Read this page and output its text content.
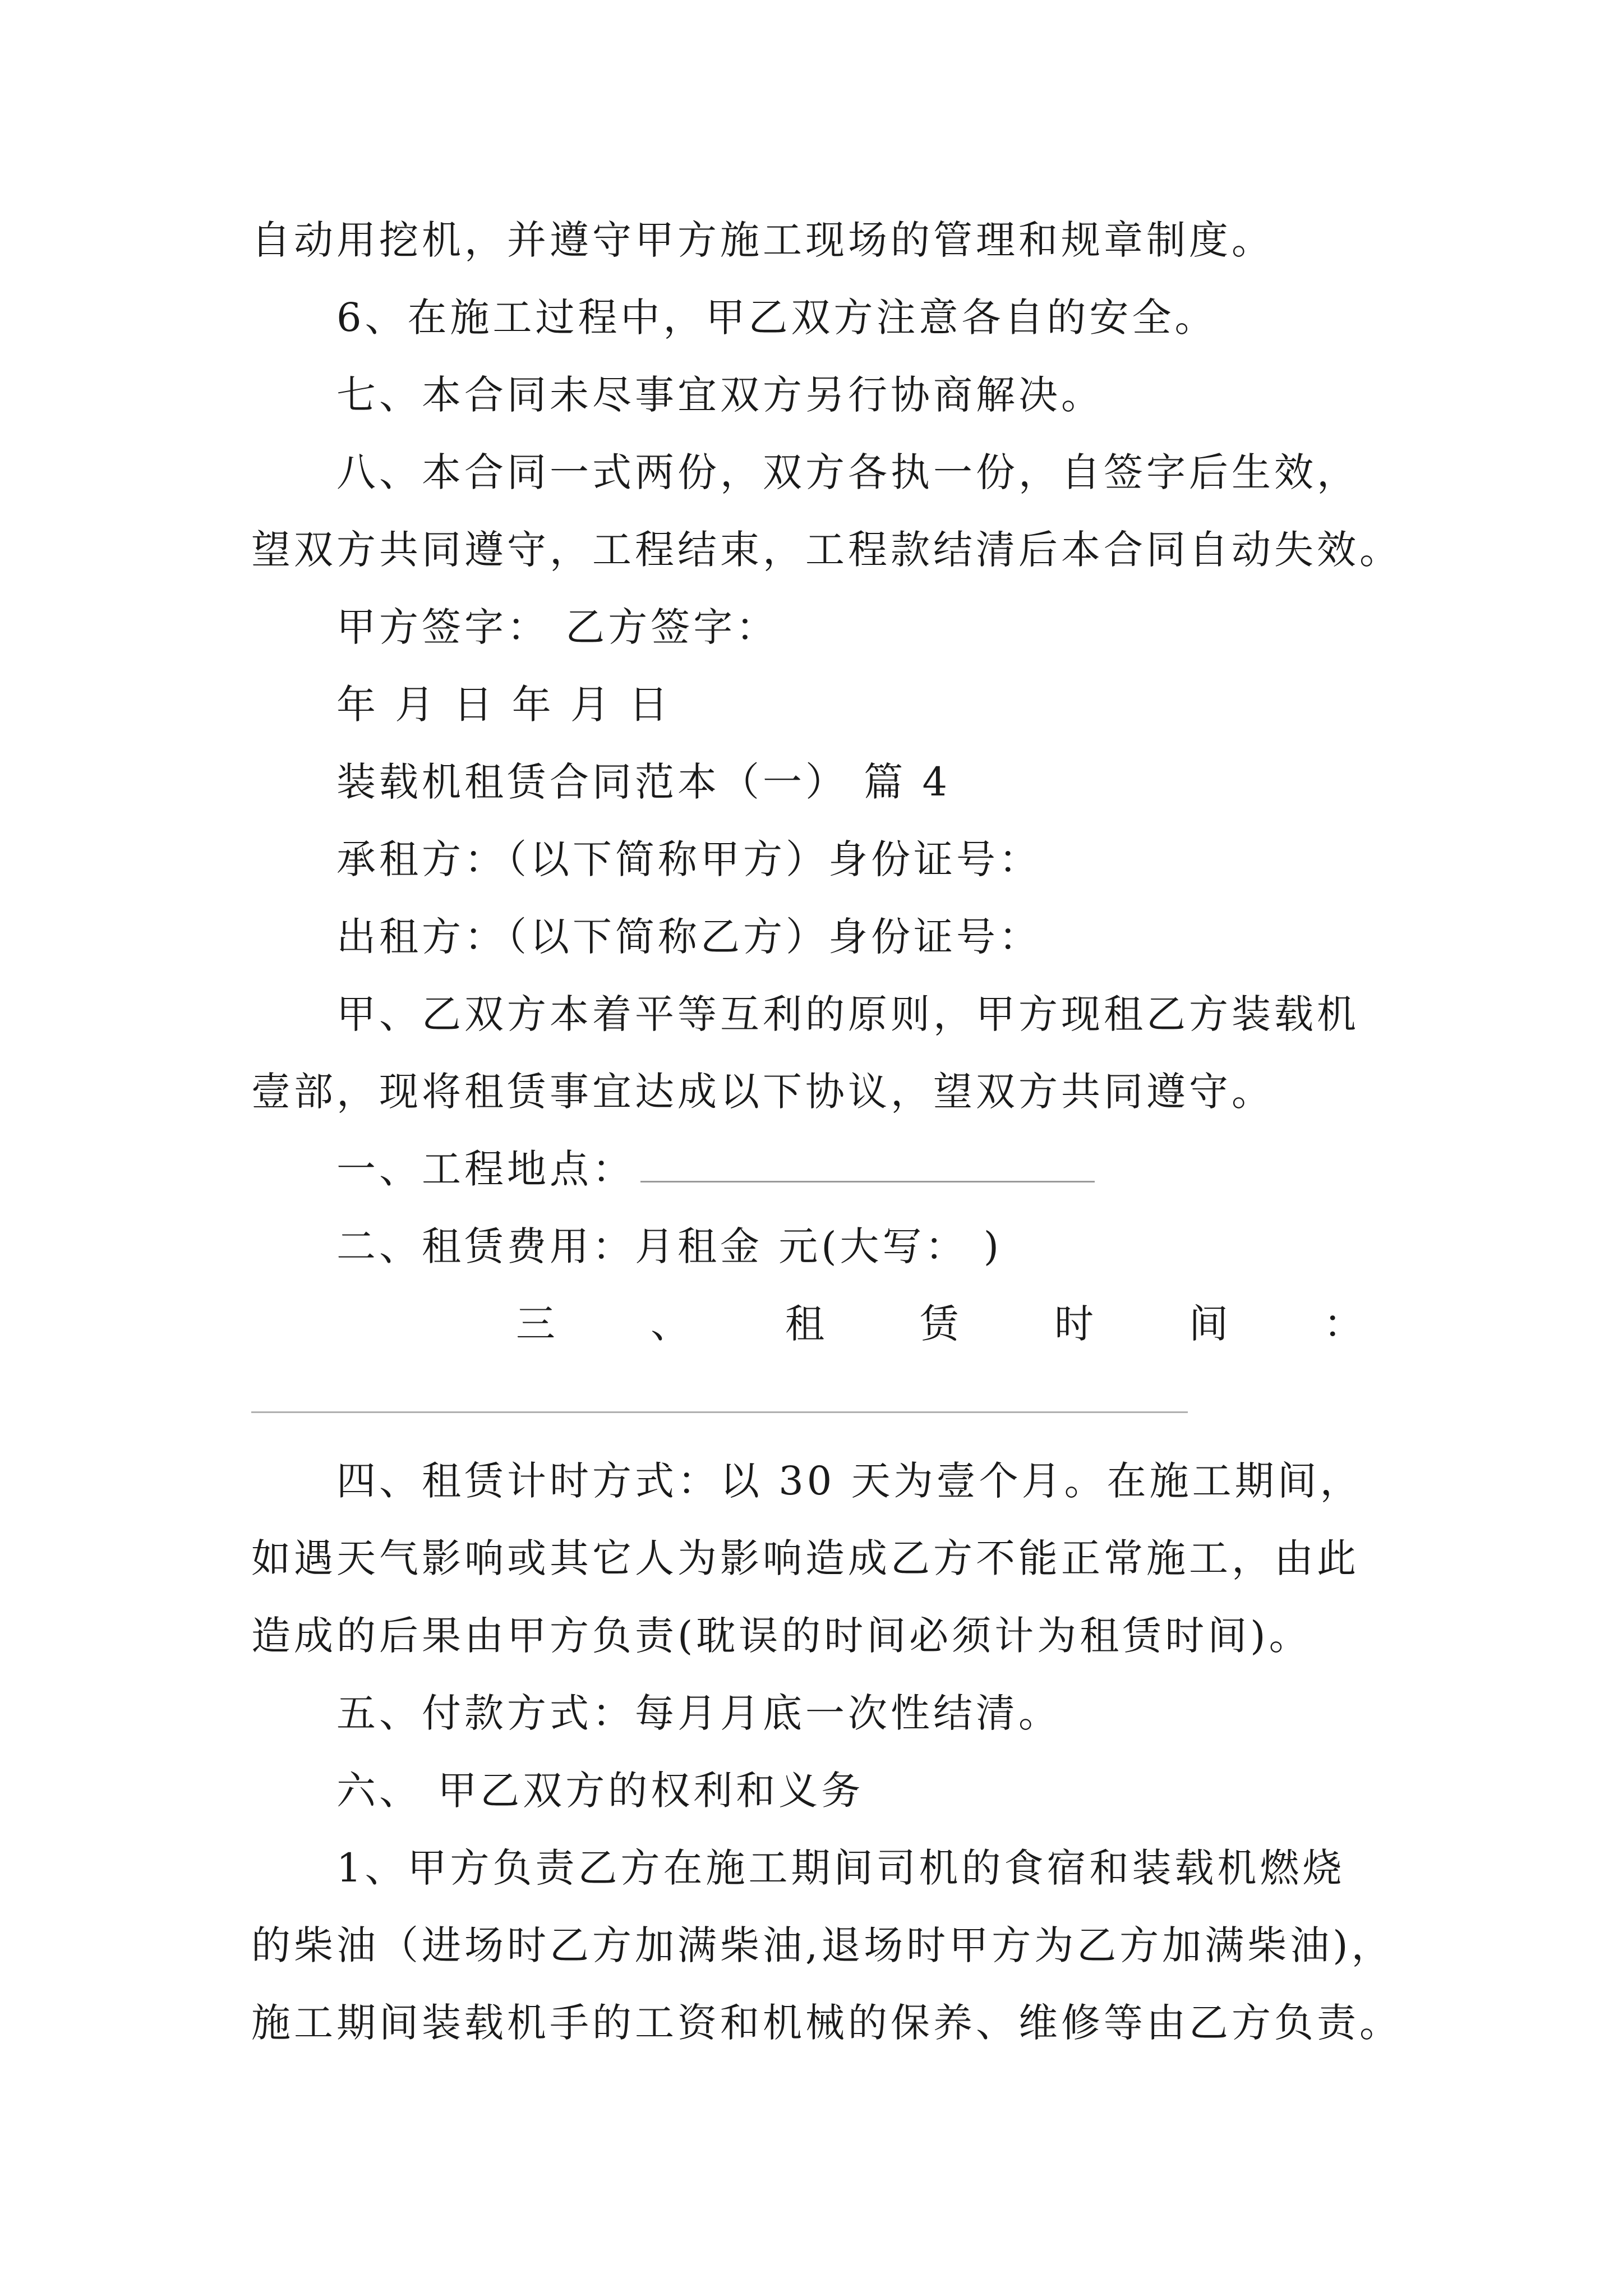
自动用挖机，并遵守甲方施工现场的管理和规章制度。
6、在施工过程中，甲乙双方注意各自的安全。
七、本合同未尽事宜双方另行协商解决。
八、本合同一式两份，双方各执一份，自签字后生效，
望双方共同遵守，工程结束，工程款结清后本合同自动失效。
甲方签字： 乙方签字：
年 月 日 年 月 日
装载机租赁合同范本（一） 篇 4
承租方：（以下简称甲方）身份证号：
出租方：（以下简称乙方）身份证号：
甲、乙双方本着平等互利的原则，甲方现租乙方装载机
壹部，现将租赁事宜达成以下协议，望双方共同遵守。
一、工程地点：
二、租赁费用：月租金 元(大写： )
三 、 租 赁 时 间 ：
四、租赁计时方式：以 30 天为壹个月。在施工期间，
如遇天气影响或其它人为影响造成乙方不能正常施工，由此
造成的后果由甲方负责(耽误的时间必须计为租赁时间)。
五、付款方式：每月月底一次性结清。
六、 甲乙双方的权利和义务
1、甲方负责乙方在施工期间司机的食宿和装载机燃烧
的柴油（进场时乙方加满柴油,退场时甲方为乙方加满柴油)，
施工期间装载机手的工资和机械的保养、维修等由乙方负责。
